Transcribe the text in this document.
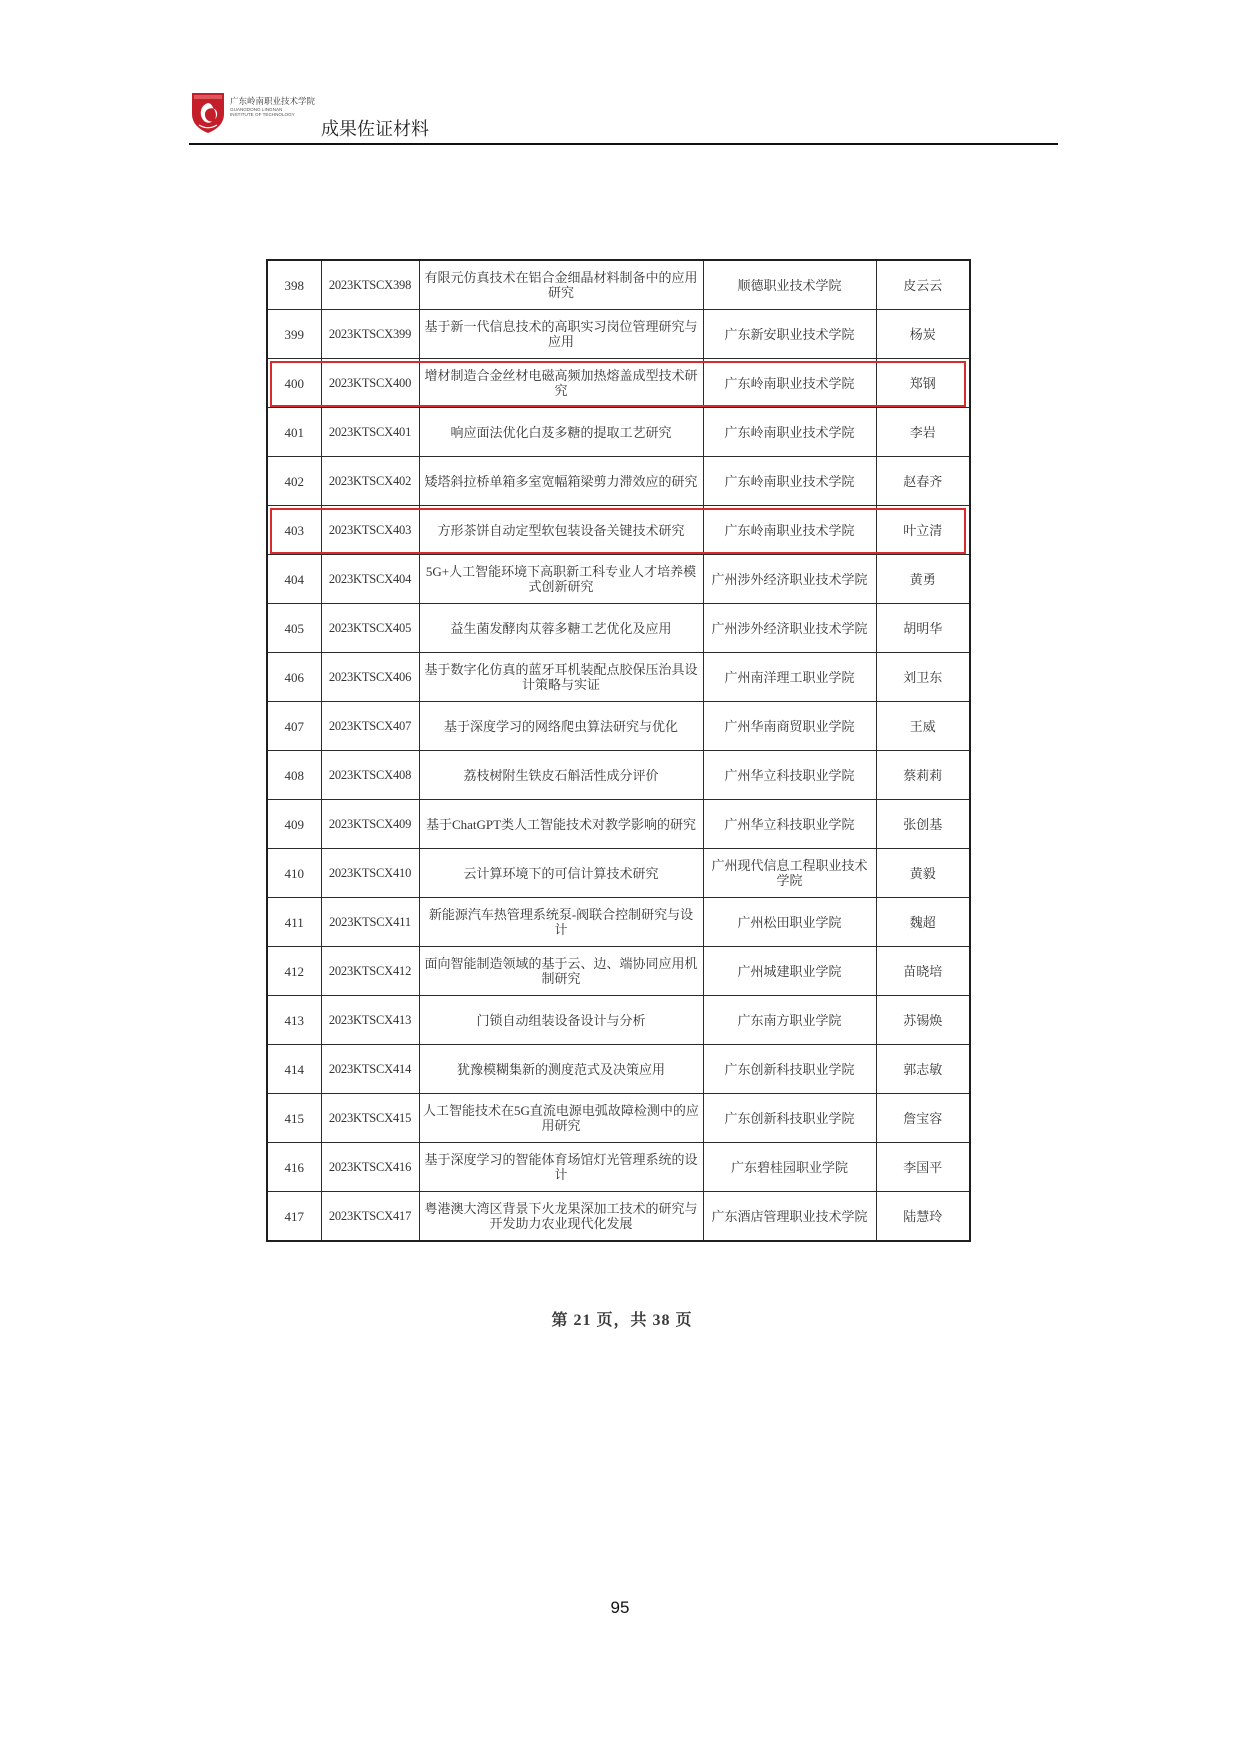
广东岭南职业技术学院
GUANGDONG LINGNAN
INSTITUTE OF TECHNOLOGY
成果佐证材料
398	2023KTSCX398	有限元仿真技术在铝合金细晶材料制备中的应用研究	顺德职业技术学院	皮云云
399	2023KTSCX399	基于新一代信息技术的高职实习岗位管理研究与应用	广东新安职业技术学院	杨炭
400	2023KTSCX400	增材制造合金丝材电磁高频加热熔盖成型技术研究	广东岭南职业技术学院	郑钢
401	2023KTSCX401	响应面法优化白芨多糖的提取工艺研究	广东岭南职业技术学院	李岩
402	2023KTSCX402	矮塔斜拉桥单箱多室宽幅箱梁剪力滞效应的研究	广东岭南职业技术学院	赵春齐
403	2023KTSCX403	方形茶饼自动定型软包装设备关键技术研究	广东岭南职业技术学院	叶立清
404	2023KTSCX404	5G+人工智能环境下高职新工科专业人才培养模式创新研究	广州涉外经济职业技术学院	黄勇
405	2023KTSCX405	益生菌发酵肉苁蓉多糖工艺优化及应用	广州涉外经济职业技术学院	胡明华
406	2023KTSCX406	基于数字化仿真的蓝牙耳机装配点胶保压治具设计策略与实证	广州南洋理工职业学院	刘卫东
407	2023KTSCX407	基于深度学习的网络爬虫算法研究与优化	广州华南商贸职业学院	王威
408	2023KTSCX408	荔枝树附生铁皮石斛活性成分评价	广州华立科技职业学院	蔡莉莉
409	2023KTSCX409	基于ChatGPT类人工智能技术对教学影响的研究	广州华立科技职业学院	张创基
410	2023KTSCX410	云计算环境下的可信计算技术研究	广州现代信息工程职业技术学院	黄毅
411	2023KTSCX411	新能源汽车热管理系统泵-阀联合控制研究与设计	广州松田职业学院	魏超
412	2023KTSCX412	面向智能制造领域的基于云、边、端协同应用机制研究	广州城建职业学院	苗晓培
413	2023KTSCX413	门锁自动组装设备设计与分析	广东南方职业学院	苏锡焕
414	2023KTSCX414	犹豫模糊集新的测度范式及决策应用	广东创新科技职业学院	郭志敏
415	2023KTSCX415	人工智能技术在5G直流电源电弧故障检测中的应用研究	广东创新科技职业学院	詹宝容
416	2023KTSCX416	基于深度学习的智能体育场馆灯光管理系统的设计	广东碧桂园职业学院	李国平
417	2023KTSCX417	粤港澳大湾区背景下火龙果深加工技术的研究与开发助力农业现代化发展	广东酒店管理职业技术学院	陆慧玲
第 21 页，共 38 页
95
